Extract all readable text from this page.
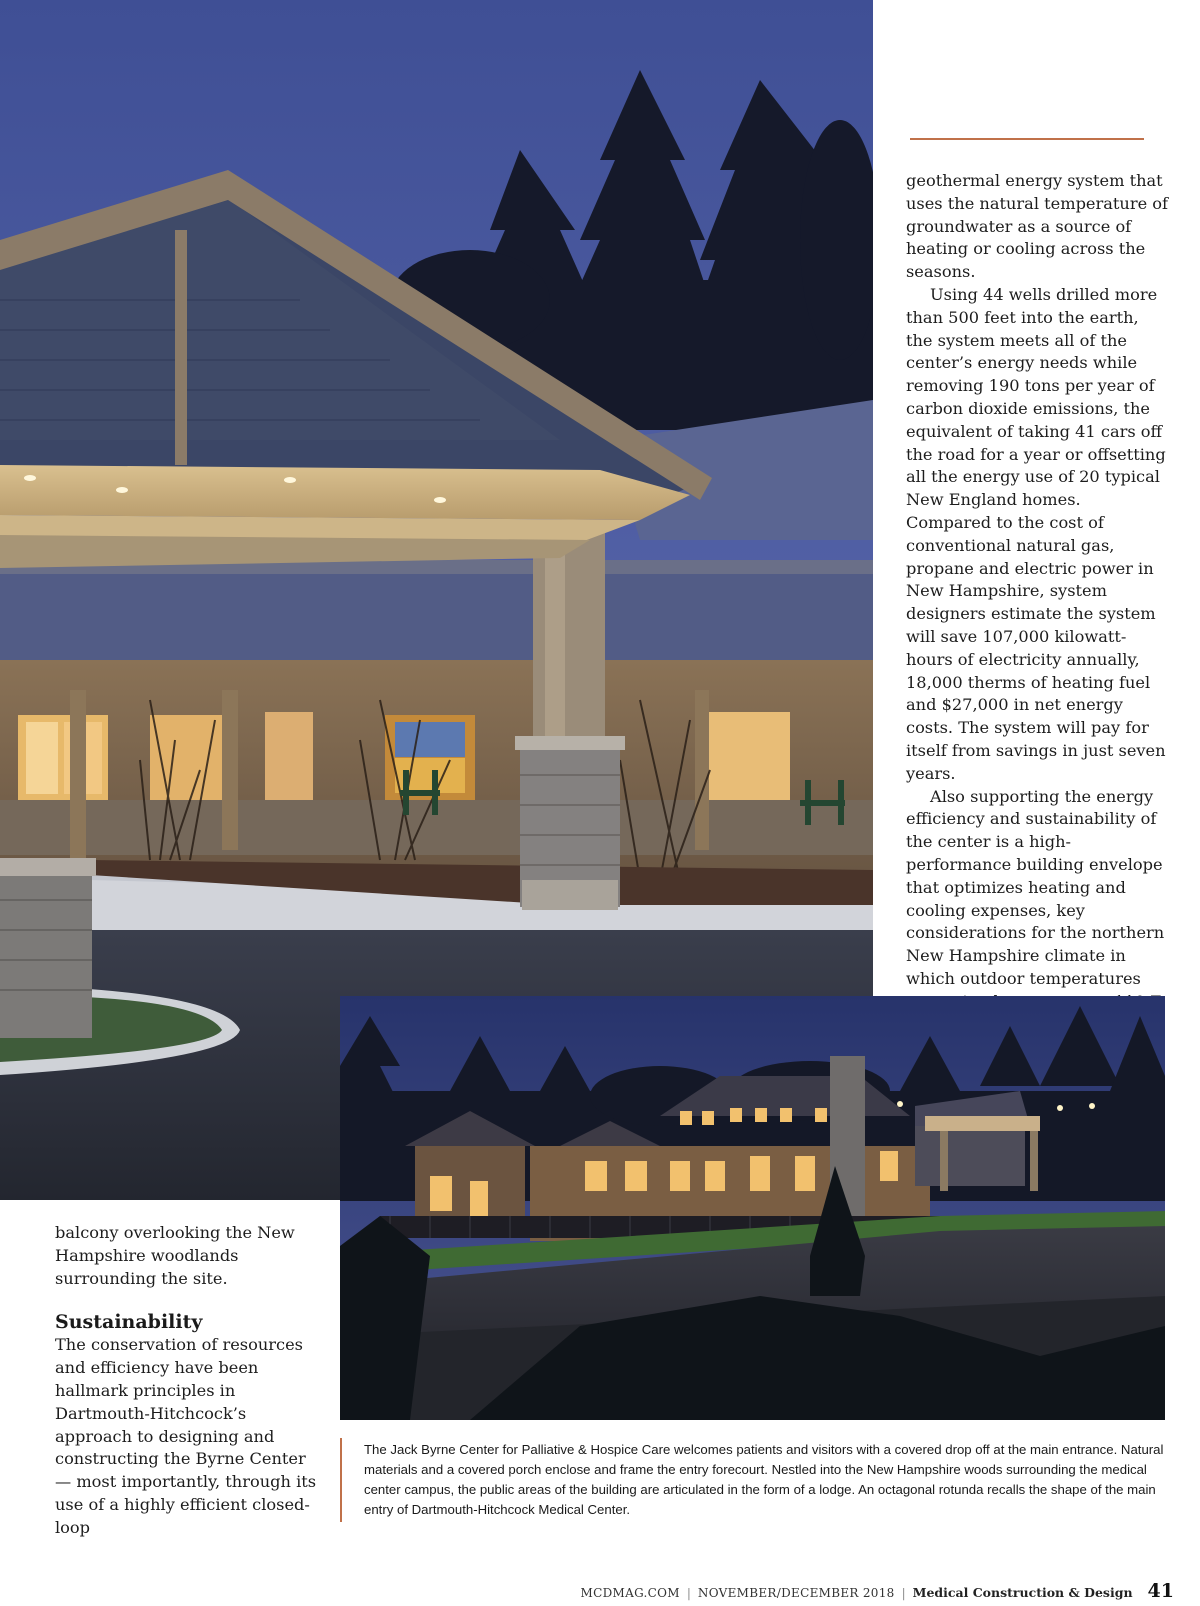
geothermal energy system that uses the natural temperature of groundwater as a source of heating or cooling across the seasons.

Using 44 wells drilled more than 500 feet into the earth, the system meets all of the center’s energy needs while removing 190 tons per year of carbon dioxide emissions, the equivalent of taking 41 cars off the road for a year or offsetting all the energy use of 20 typical New England homes. Compared to the cost of conventional natural gas, propane and electric power in New Hampshire, system designers estimate the system will save 107,000 kilowatt-hours of electricity annually, 18,000 therms of heating fuel and $27,000 in net energy costs. The system will pay for itself from savings in just seven years.

Also supporting the energy efficiency and sustainability of the center is a high-performance building envelope that optimizes heating and cooling expenses, key considerations for the northern New Hampshire climate in which outdoor temperatures

balcony overlooking the New Hampshire woodlands surrounding the site.

Sustainability

The conservation of resources and efficiency have been hallmark principles in Dartmouth-Hitchcock’s approach to designing and constructing the Byrne Center — most importantly, through its use of a highly efficient closed-loop

The Jack Byrne Center for Palliative & Hospice Care welcomes patients and visitors with a covered drop off at the main entrance. Natural materials and a covered porch enclose and frame the entry forecourt. Nestled into the New Hampshire woods surrounding the medical center campus, the public areas of the building are articulated in the form of a lodge. An octagonal rotunda recalls the shape of the main entry of Dartmouth-Hitchcock Medical Center.
MCDMAG.COM | NOVEMBER/DECEMBER 2018 | Medical Construction & Design 41
